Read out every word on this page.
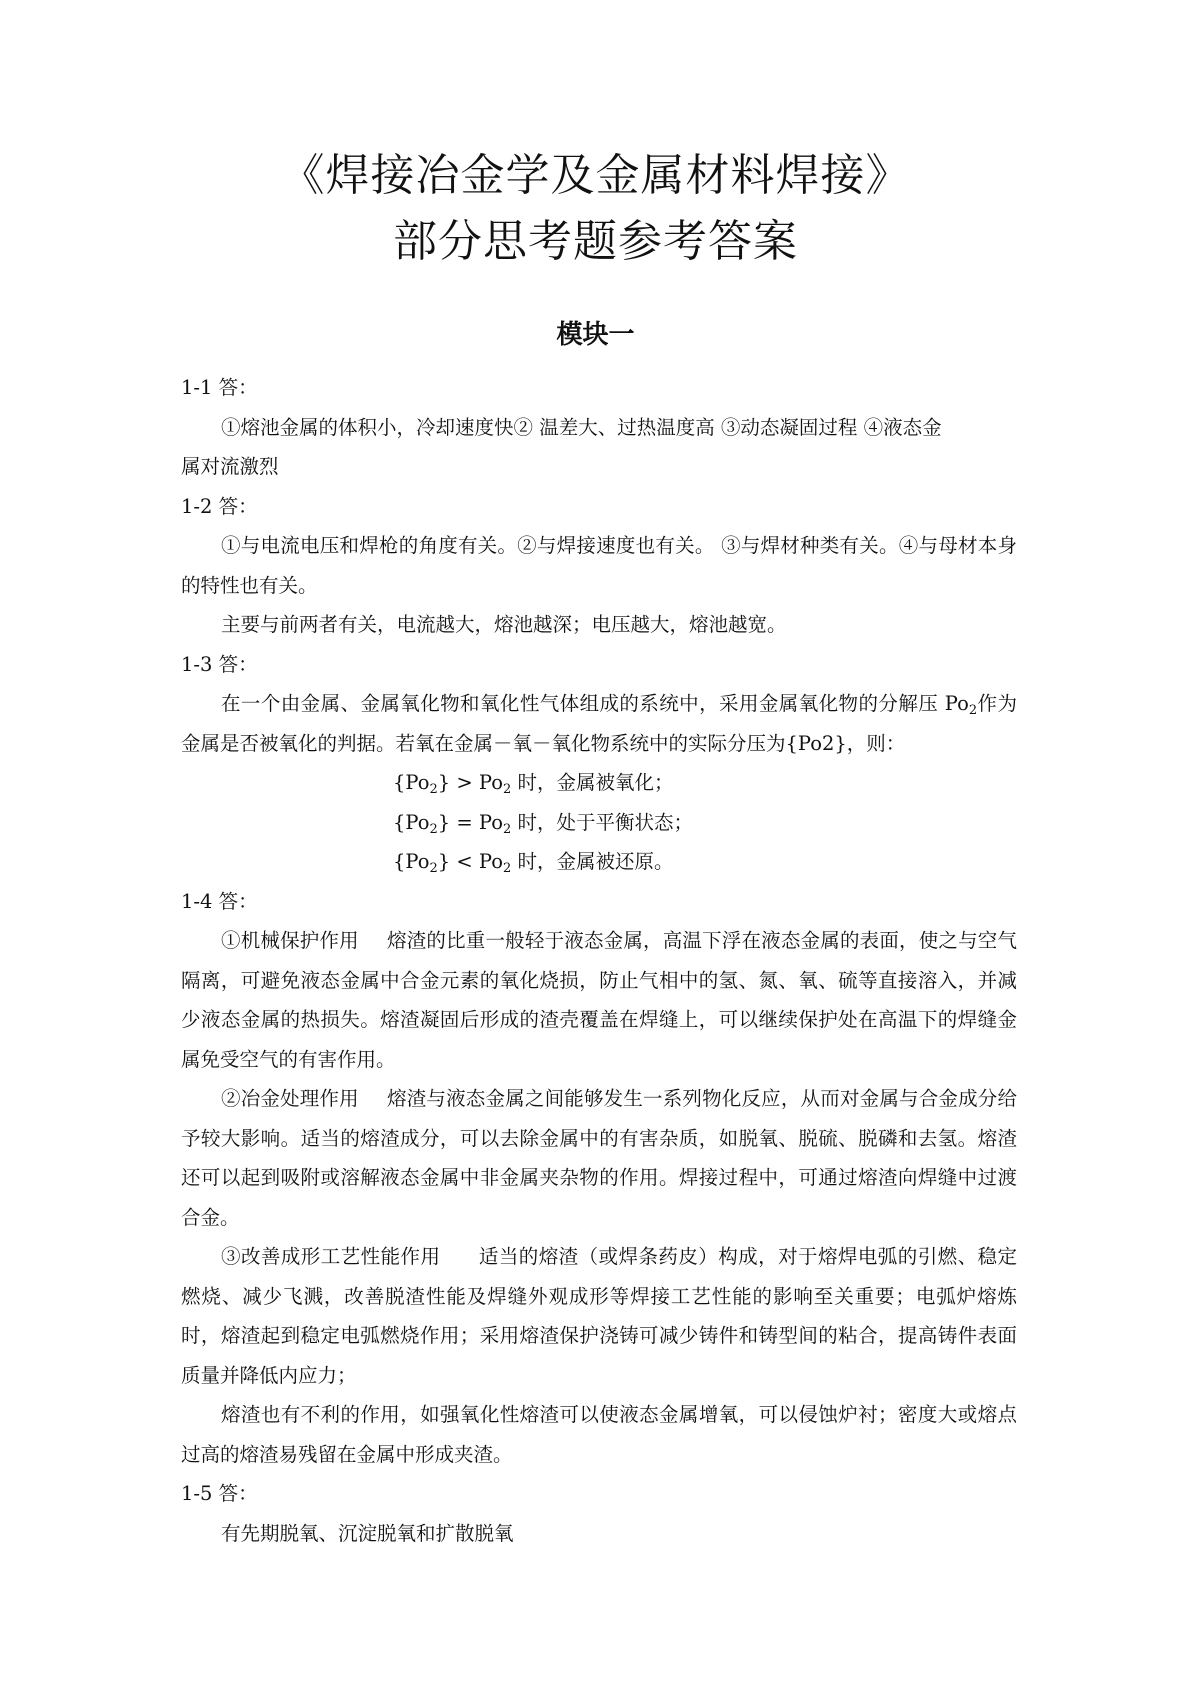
《焊接冶金学及金属材料焊接》
部分思考题参考答案
模块一

1-1 答：

①熔池金属的体积小，冷却速度快② 温差大、过热温度高 ③动态凝固过程 ④液态金
属对流激烈

1-2 答：

①与电流电压和焊枪的角度有关。②与焊接速度也有关。 ③与焊材种类有关。④与母材本身的特性也有关。

主要与前两者有关，电流越大，熔池越深；电压越大，熔池越宽。

1-3 答：

在一个由金属、金属氧化物和氧化性气体组成的系统中，采用金属氧化物的分解压 $Po_2$作为金属是否被氧化的判据。若氧在金属－氧－氧化物系统中的实际分压为{Po2}，则：

$\{Po_2\} > Po_2$ 时，金属被氧化；

$\{Po_2\} = Po_2$ 时，处于平衡状态；

$\{Po_2\} < Po_2$ 时，金属被还原。

1-4 答：

①机械保护作用 熔渣的比重一般轻于液态金属，高温下浮在液态金属的表面，使之与空气隔离，可避免液态金属中合金元素的氧化烧损，防止气相中的氢、氮、氧、硫等直接溶入，并减少液态金属的热损失。熔渣凝固后形成的渣壳覆盖在焊缝上，可以继续保护处在高温下的焊缝金属免受空气的有害作用。

②冶金处理作用 熔渣与液态金属之间能够发生一系列物化反应，从而对金属与合金成分给予较大影响。适当的熔渣成分，可以去除金属中的有害杂质，如脱氧、脱硫、脱磷和去氢。熔渣还可以起到吸附或溶解液态金属中非金属夹杂物的作用。焊接过程中，可通过熔渣向焊缝中过渡合金。

③改善成形工艺性能作用 适当的熔渣（或焊条药皮）构成，对于熔焊电弧的引燃、稳定燃烧、减少飞溅，改善脱渣性能及焊缝外观成形等焊接工艺性能的影响至关重要；电弧炉熔炼时，熔渣起到稳定电弧燃烧作用；采用熔渣保护浇铸可减少铸件和铸型间的粘合，提高铸件表面质量并降低内应力；

熔渣也有不利的作用，如强氧化性熔渣可以使液态金属增氧，可以侵蚀炉衬；密度大或熔点过高的熔渣易残留在金属中形成夹渣。

1-5 答：

有先期脱氧、沉淀脱氧和扩散脱氧
